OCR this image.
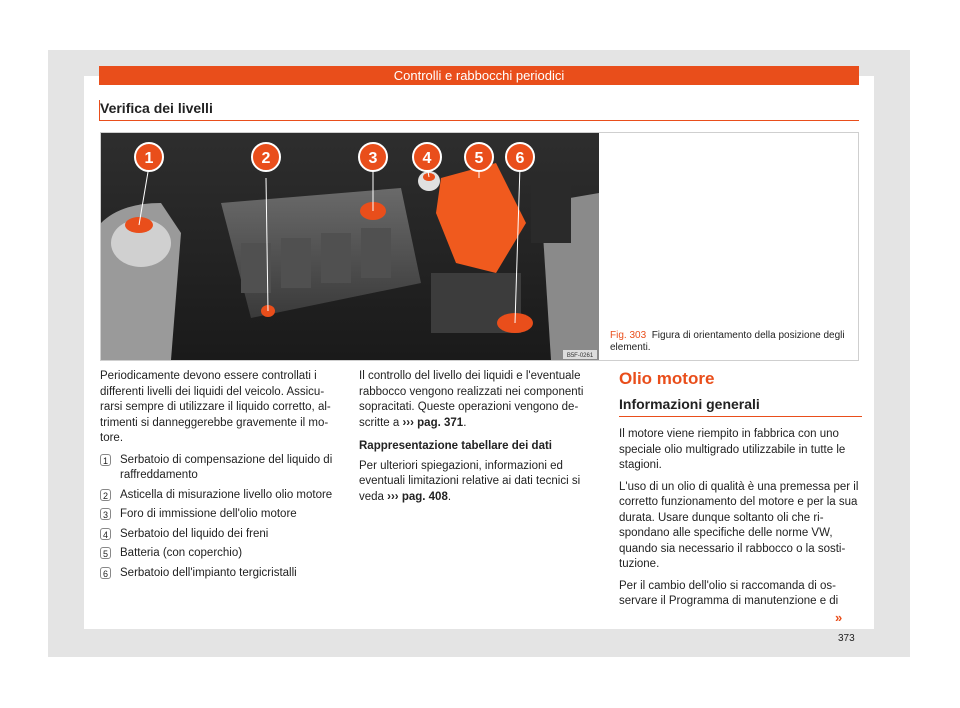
Controlli e rabbocchi periodici
Verifica dei livelli
1	2	3	4	5 6
B5F-0261
Fig. 303 Figura di orientamento della posizione degli elementi.

Periodicamente devono essere controllati i differenti livelli dei liquidi del veicolo. Assicu-rarsi sempre di utilizzare il liquido corretto, al-trimenti si danneggerebbe gravemente il mo-tore.

1 Serbatoio di compensazione del liquido di raffreddamento
2 Asticella di misurazione livello olio motore
3 Foro di immissione dell'olio motore
4 Serbatoio del liquido dei freni
5 Batteria (con coperchio)
6 Serbatoio dell'impianto tergicristalli

Il controllo del livello dei liquidi e l'eventuale rabbocco vengono realizzati nei componenti sopracitati. Queste operazioni vengono de-scritte a ››› pag. 371.

Rappresentazione tabellare dei dati

Per ulteriori spiegazioni, informazioni ed eventuali limitazioni relative ai dati tecnici si veda ››› pag. 408.

Olio motore
Informazioni generali

Il motore viene riempito in fabbrica con uno speciale olio multigrado utilizzabile in tutte le stagioni.

L'uso di un olio di qualità è una premessa per il corretto funzionamento del motore e per la sua durata. Usare dunque soltanto oli che ri-spondano alle specifiche delle norme VW, quando sia necessario il rabbocco o la sosti-tuzione.

Per il cambio dell'olio si raccomanda di os-servare il Programma di manutenzione e di

»
373
